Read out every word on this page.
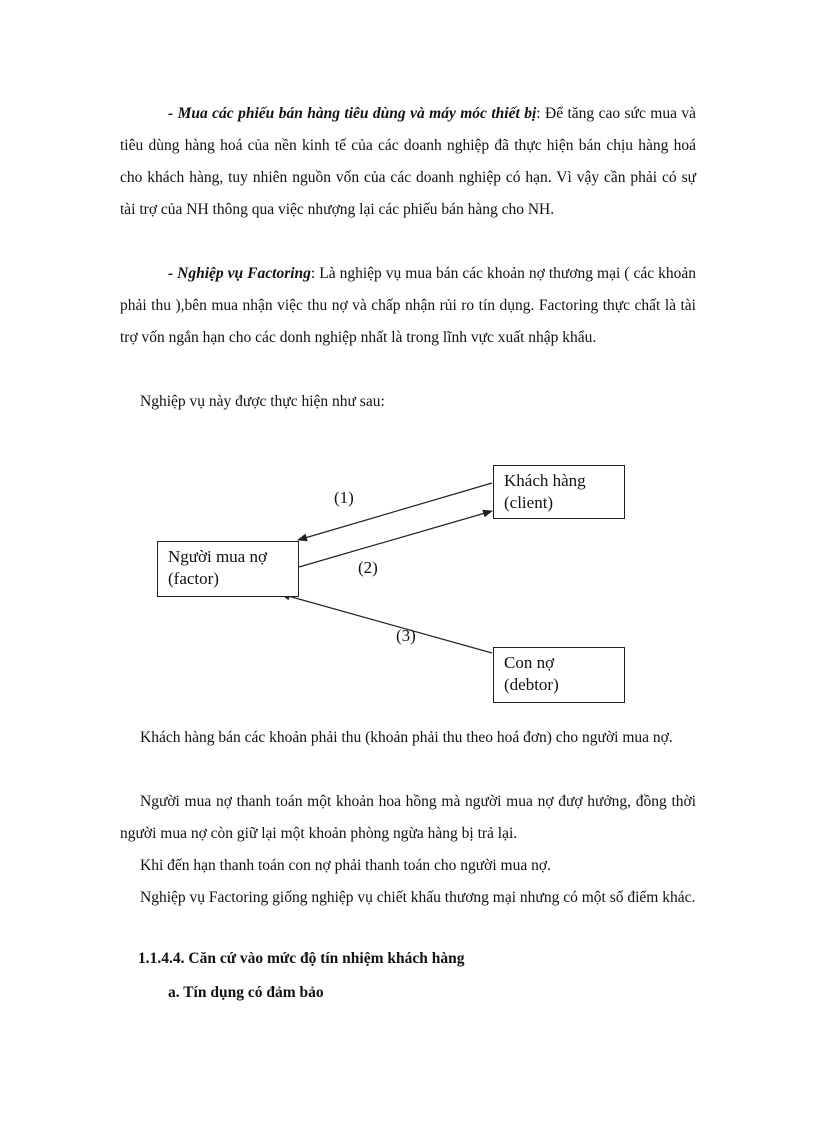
- Mua các phiếu bán hàng tiêu dùng và máy móc thiết bị: Để tăng cao sức mua và tiêu dùng hàng hoá của nền kinh tế của các doanh nghiệp đã thực hiện bán chịu hàng hoá cho khách hàng, tuy nhiên nguồn vốn của các doanh nghiệp có hạn. Vì vậy cần phải có sự tài trợ của NH thông qua việc nhượng lại các phiếu bán hàng cho NH.

- Nghiệp vụ Factoring: Là nghiệp vụ mua bán các khoản nợ thương mại ( các khoản phải thu ),bên mua nhận việc thu nợ và chấp nhận rủi ro tín dụng. Factoring thực chất là tài trợ vốn ngắn hạn cho các donh nghiệp nhất là trong lĩnh vực xuất nhập khẩu.

Nghiệp vụ này được thực hiện như sau:

Khách hàng
(client)
Người mua nợ
(factor)
Con nợ
(debtor)
(1)
(2)
(3)

Khách hàng bán các khoản phải thu (khoản phải thu theo hoá đơn) cho người mua nợ.

Người mua nợ thanh toán một khoản hoa hồng mà người mua nợ đượ hưởng, đồng thời người mua nợ còn giữ lại một khoản phòng ngừa hàng bị trả lại.

Khi đến hạn thanh toán con nợ phải thanh toán cho người mua nợ.

Nghiệp vụ Factoring giống nghiệp vụ chiết khấu thương mại nhưng có một số điểm khác.

1.1.4.4. Căn cứ vào mức độ tín nhiệm khách hàng

a. Tín dụng có đảm bảo
